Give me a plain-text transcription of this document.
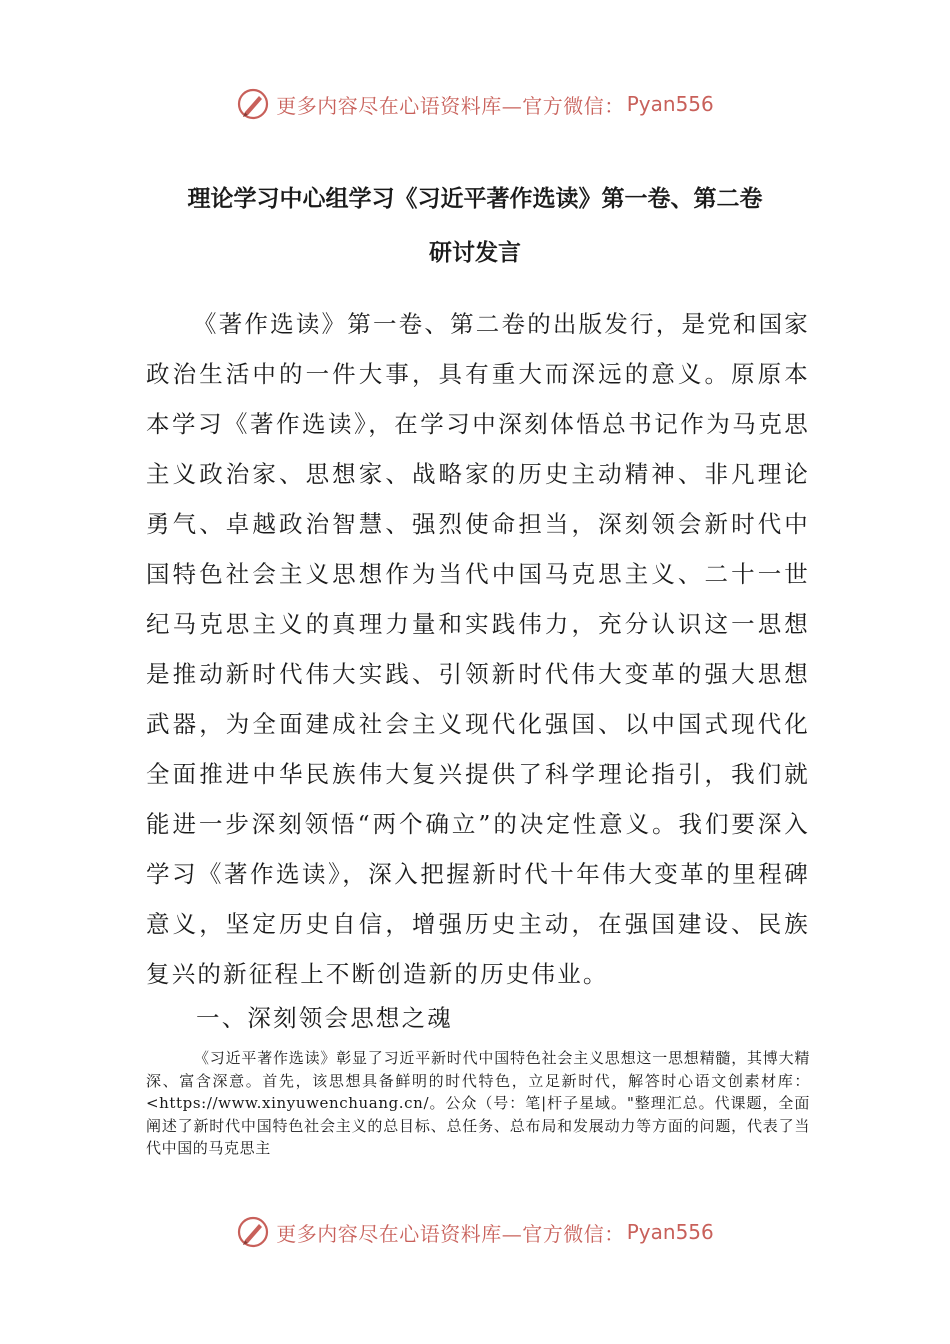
更多内容尽在心语资料库—官方微信： Pyan556
理论学习中心组学习《习近平著作选读》第一卷、第二卷
研讨发言

《著作选读》第一卷、第二卷的出版发行，是党和国家政治生活中的一件大事，具有重大而深远的意义。原原本本学习《著作选读》，在学习中深刻体悟总书记作为马克思主义政治家、思想家、战略家的历史主动精神、非凡理论勇气、卓越政治智慧、强烈使命担当，深刻领会新时代中国特色社会主义思想作为当代中国马克思主义、二十一世纪马克思主义的真理力量和实践伟力，充分认识这一思想是推动新时代伟大实践、引领新时代伟大变革的强大思想武器，为全面建成社会主义现代化强国、以中国式现代化全面推进中华民族伟大复兴提供了科学理论指引，我们就能进一步深刻领悟“两个确立”的决定性意义。我们要深入学习《著作选读》，深入把握新时代十年伟大变革的里程碑意义，坚定历史自信，增强历史主动，在强国建设、民族复兴的新征程上不断创造新的历史伟业。

一、深刻领会思想之魂

《习近平著作选读》彰显了习近平新时代中国特色社会主义思想这一思想精髓，其博大精深、富含深意。首先，该思想具备鲜明的时代特色，立足新时代，解答时心语文创素材库：<https://www.xinyuwenchuang.cn/。公众（号：笔|杆子星域。"整理汇总。代课题，全面阐述了新时代中国特色社会主义的总目标、总任务、总布局和发展动力等方面的问题，代表了当代中国的马克思主

更多内容尽在心语资料库—官方微信： Pyan556
